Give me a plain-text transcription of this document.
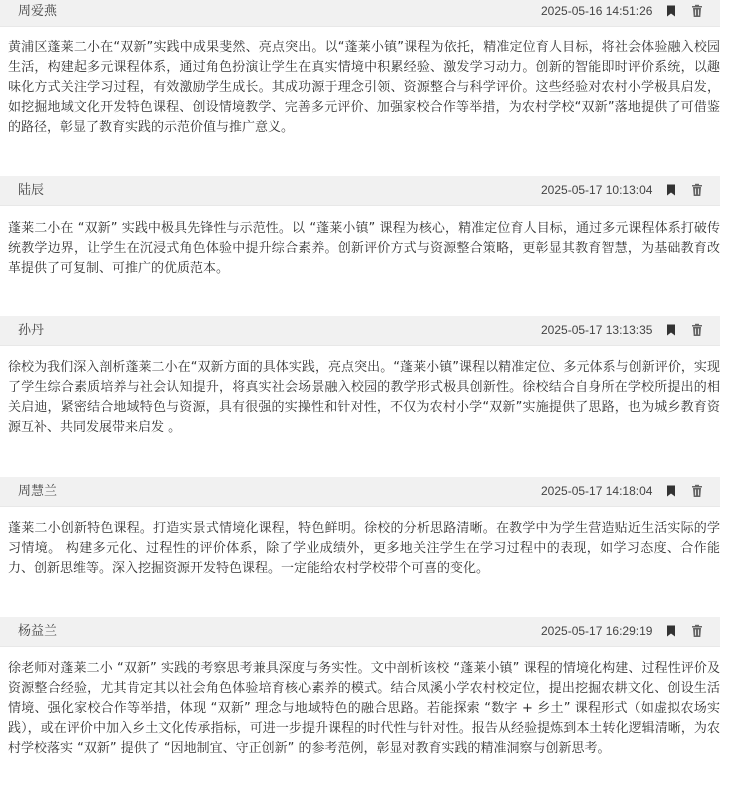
周爱燕	2025-05-16 14:51:26

黄浦区蓬莱二小在“双新”实践中成果斐然、亮点突出。以“蓬莱小镇”课程为依托，精准定位育人目标，将社会体验融入校园生活，构建起多元课程体系，通过角色扮演让学生在真实情境中积累经验、激发学习动力。创新的智能即时评价系统，以趣味化方式关注学习过程，有效激励学生成长。其成功源于理念引领、资源整合与科学评价。这些经验对农村小学极具启发，如挖掘地域文化开发特色课程、创设情境教学、完善多元评价、加强家校合作等举措，为农村学校“双新”落地提供了可借鉴的路径，彰显了教育实践的示范价值与推广意义。

陆辰	2025-05-17 10:13:04

蓬莱二小在 “双新” 实践中极具先锋性与示范性。以 “蓬莱小镇” 课程为核心，精准定位育人目标，通过多元课程体系打破传统教学边界，让学生在沉浸式角色体验中提升综合素养。创新评价方式与资源整合策略，更彰显其教育智慧，为基础教育改革提供了可复制、可推广的优质范本。

孙丹	2025-05-17 13:13:35

徐校为我们深入剖析蓬莱二小在“双新方面的具体实践，亮点突出。“蓬莱小镇”课程以精准定位、多元体系与创新评价，实现了学生综合素质培养与社会认知提升，将真实社会场景融入校园的教学形式极具创新性。徐校结合自身所在学校所提出的相关启迪，紧密结合地域特色与资源，具有很强的实操性和针对性，不仅为农村小学“双新”实施提供了思路，也为城乡教育资源互补、共同发展带来启发 。

周慧兰	2025-05-17 14:18:04

蓬莱二小创新特色课程。打造实景式情境化课程，特色鲜明。徐校的分析思路清晰。在教学中为学生营造贴近生活实际的学习情境。 构建多元化、过程性的评价体系，除了学业成绩外，更多地关注学生在学习过程中的表现，如学习态度、合作能力、创新思维等。深入挖掘资源开发特色课程。一定能给农村学校带个可喜的变化。

杨益兰	2025-05-17 16:29:19

徐老师对蓬莱二小 “双新” 实践的考察思考兼具深度与务实性。文中剖析该校 “蓬莱小镇” 课程的情境化构建、过程性评价及资源整合经验，尤其肯定其以社会角色体验培育核心素养的模式。结合凤溪小学农村校定位，提出挖掘农耕文化、创设生活情境、强化家校合作等举措，体现 “双新” 理念与地域特色的融合思路。若能探索 “数字 + 乡土” 课程形式（如虚拟农场实践），或在评价中加入乡土文化传承指标，可进一步提升课程的时代性与针对性。报告从经验提炼到本土转化逻辑清晰，为农村学校落实 “双新” 提供了 “因地制宜、守正创新” 的参考范例，彰显对教育实践的精准洞察与创新思考。
